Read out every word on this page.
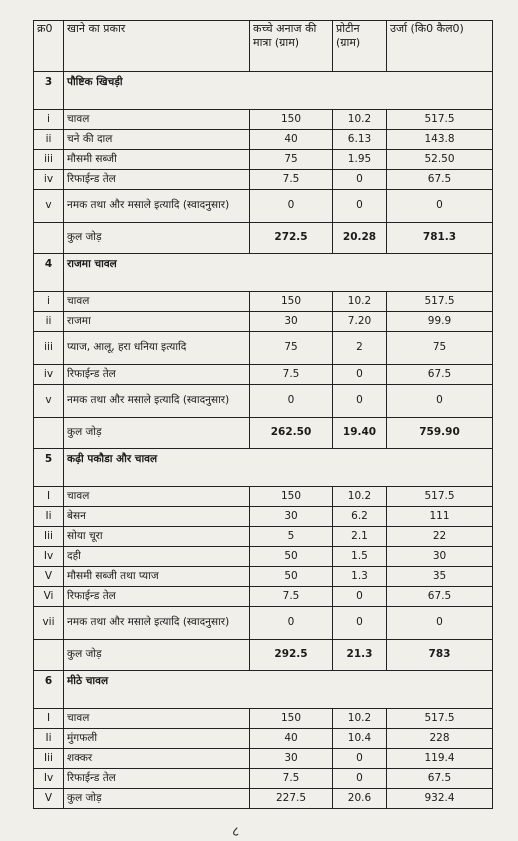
क्र0	खाने का प्रकार	कच्चे अनाज की मात्रा (ग्राम)	प्रोटीन (ग्राम)	उर्जा (कि0 कैल0)
3	पौष्टिक खिचड़ी			
i	चावल	150	10.2	517.5
ii	चने की दाल	40	6.13	143.8
iii	मौसमी सब्जी	75	1.95	52.50
iv	रिफाईन्ड तेल	7.5	0	67.5
v	नमक तथा और मसाले इत्यादि (स्वादनुसार)	0	0	0
	कुल जोड़	272.5	20.28	781.3
4	राजमा चावल			
i	चावल	150	10.2	517.5
ii	राजमा	30	7.20	99.9
iii	प्याज, आलू, हरा धनिया इत्यादि	75	2	75
iv	रिफाईन्ड तेल	7.5	0	67.5
v	नमक तथा और मसाले इत्यादि (स्वादनुसार)	0	0	0
	कुल जोड़	262.50	19.40	759.90
5	कढ़ी पकौडा और चावल			
I	चावल	150	10.2	517.5
Ii	बेसन	30	6.2	111
Iii	सोया चूरा	5	2.1	22
Iv	दही	50	1.5	30
V	मौसमी सब्जी तथा प्याज	50	1.3	35
Vi	रिफाईन्ड तेल	7.5	0	67.5
vii	नमक तथा और मसाले इत्यादि (स्वादनुसार)	0	0	0
	कुल जोड़	292.5	21.3	783
6	मीठे चावल			
I	चावल	150	10.2	517.5
Ii	मुंगफली	40	10.4	228
Iii	शक्कर	30	0	119.4
Iv	रिफाईन्ड तेल	7.5	0	67.5
V	कुल जोड़	227.5	20.6	932.4
८
